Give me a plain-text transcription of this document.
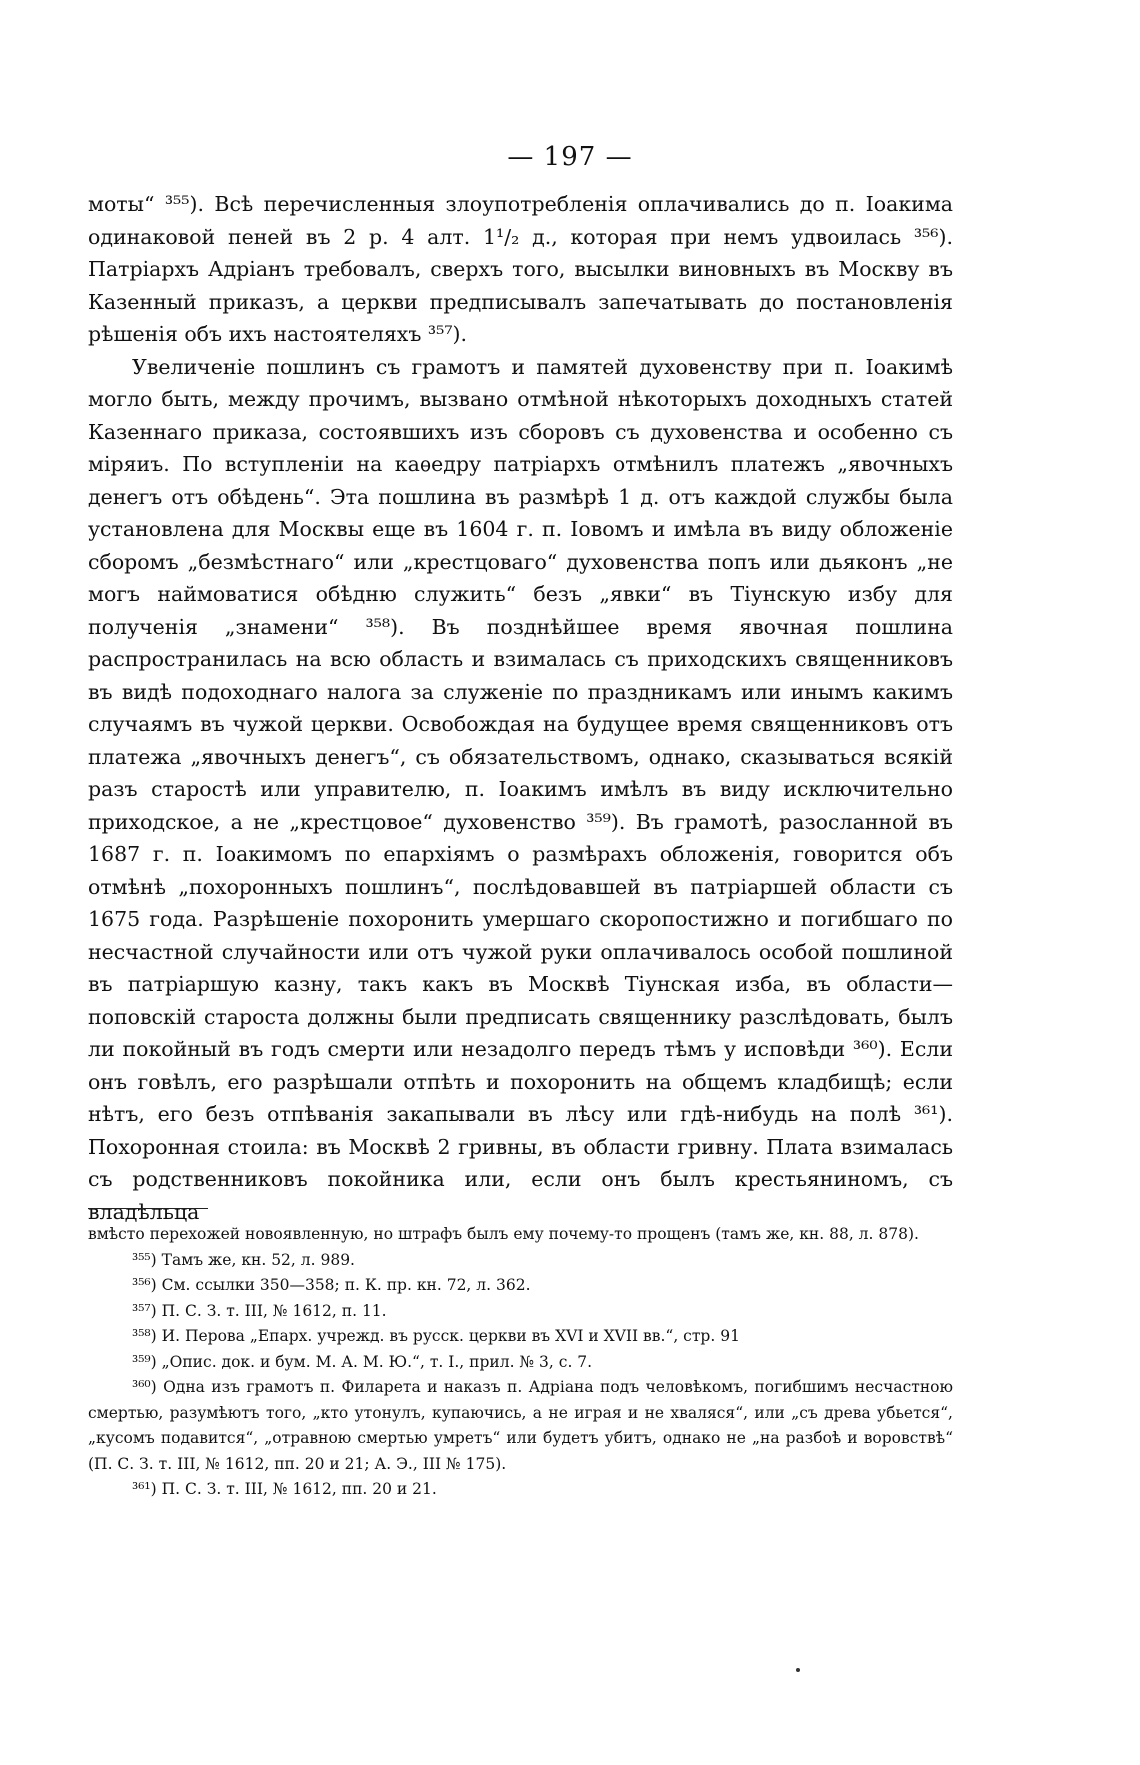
— 197 —

моты“ ³⁵⁵). Всѣ перечисленныя злоупотребленія оплачивались до п. Іоакима одинаковой пеней въ 2 р. 4 алт. 1¹/₂ д., которая при немъ удвоилась ³⁵⁶). Патріархъ Адріанъ требовалъ, сверхъ того, высылки виновныхъ въ Москву въ Казенный приказъ, а церкви предписывалъ запечатывать до постановленія рѣшенія объ ихъ настоятеляхъ ³⁵⁷).

Увеличеніе пошлинъ съ грамотъ и памятей духовенству при п. Іоакимѣ могло быть, между прочимъ, вызвано отмѣной нѣкоторыхъ доходныхъ статей Казеннаго приказа, состоявшихъ изъ сборовъ съ духовенства и особенно съ міряиъ. По вступленіи на каѳедру патріархъ отмѣнилъ платежъ „явочныхъ денегъ отъ обѣдень“. Эта пошлина въ размѣрѣ 1 д. отъ каждой службы была установлена для Москвы еще въ 1604 г. п. Іовомъ и имѣла въ виду обложеніе сборомъ „безмѣстнаго“ или „крестцоваго“ духовенства попъ или дьяконъ „не могъ наймоватися обѣдню служить“ безъ „явки“ въ Тіунскую избу для полученія „знамени“ ³⁵⁸). Въ позднѣйшее время явочная пошлина распространилась на всю область и взималась съ приходскихъ священниковъ въ видѣ подоходнаго налога за служеніе по праздникамъ или инымъ какимъ случаямъ въ чужой церкви. Освобождая на будущее время священниковъ отъ платежа „явочныхъ денегъ“, съ обязательствомъ, однако, сказываться всякій разъ старостѣ или управителю, п. Іоакимъ имѣлъ въ виду исключительно приходское, а не „крестцовое“ духовенство ³⁵⁹). Въ грамотѣ, разосланной въ 1687 г. п. Іоакимомъ по епархіямъ о размѣрахъ обложенія, говорится объ отмѣнѣ „похоронныхъ пошлинъ“, послѣдовавшей въ патріаршей области съ 1675 года. Разрѣшеніе похоронить умершаго скоропостижно и погибшаго по несчастной случайности или отъ чужой руки оплачивалось особой пошлиной въ патріаршую казну, такъ какъ въ Москвѣ Тіунская изба, въ области—поповскій староста должны были предписать священнику разслѣдовать, былъ ли покойный въ годъ смерти или незадолго передъ тѣмъ у исповѣди ³⁶⁰). Если онъ говѣлъ, его разрѣшали отпѣть и похоронить на общемъ кладбищѣ; если нѣтъ, его безъ отпѣванія закапывали въ лѣсу или гдѣ-нибудь на полѣ ³⁶¹). Похоронная стоила: въ Москвѣ 2 гривны, въ области гривну. Плата взималась съ родственниковъ покойника или, если онъ былъ крестьяниномъ, съ владѣльца

вмѣсто перехожей новоявленную, но штрафъ былъ ему почему-то прощенъ (тамъ же, кн. 88, л. 878).

³⁵⁵) Тамъ же, кн. 52, л. 989.

³⁵⁶) См. ссылки 350—358; п. К. пр. кн. 72, л. 362.

³⁵⁷) П. С. З. т. III, № 1612, п. 11.

³⁵⁸) И. Перова „Епарх. учрежд. въ русск. церкви въ XVI и XVII вв.“, стр. 91

³⁵⁹) „Опис. док. и бум. М. А. М. Ю.“, т. I., прил. № 3, с. 7.

³⁶⁰) Одна изъ грамотъ п. Филарета и наказъ п. Адріана подъ человѣкомъ, погибшимъ несчастною смертью, разумѣютъ того, „кто утонулъ, купаючись, а не играя и не хваляся“, или „съ древа убьется“, „кусомъ подавится“, „отравною смертью умретъ“ или будетъ убитъ, однако не „на разбоѣ и воровствѣ“ (П. С. З. т. III, № 1612, пп. 20 и 21; А. Э., III № 175).

³⁶¹) П. С. З. т. III, № 1612, пп. 20 и 21.
